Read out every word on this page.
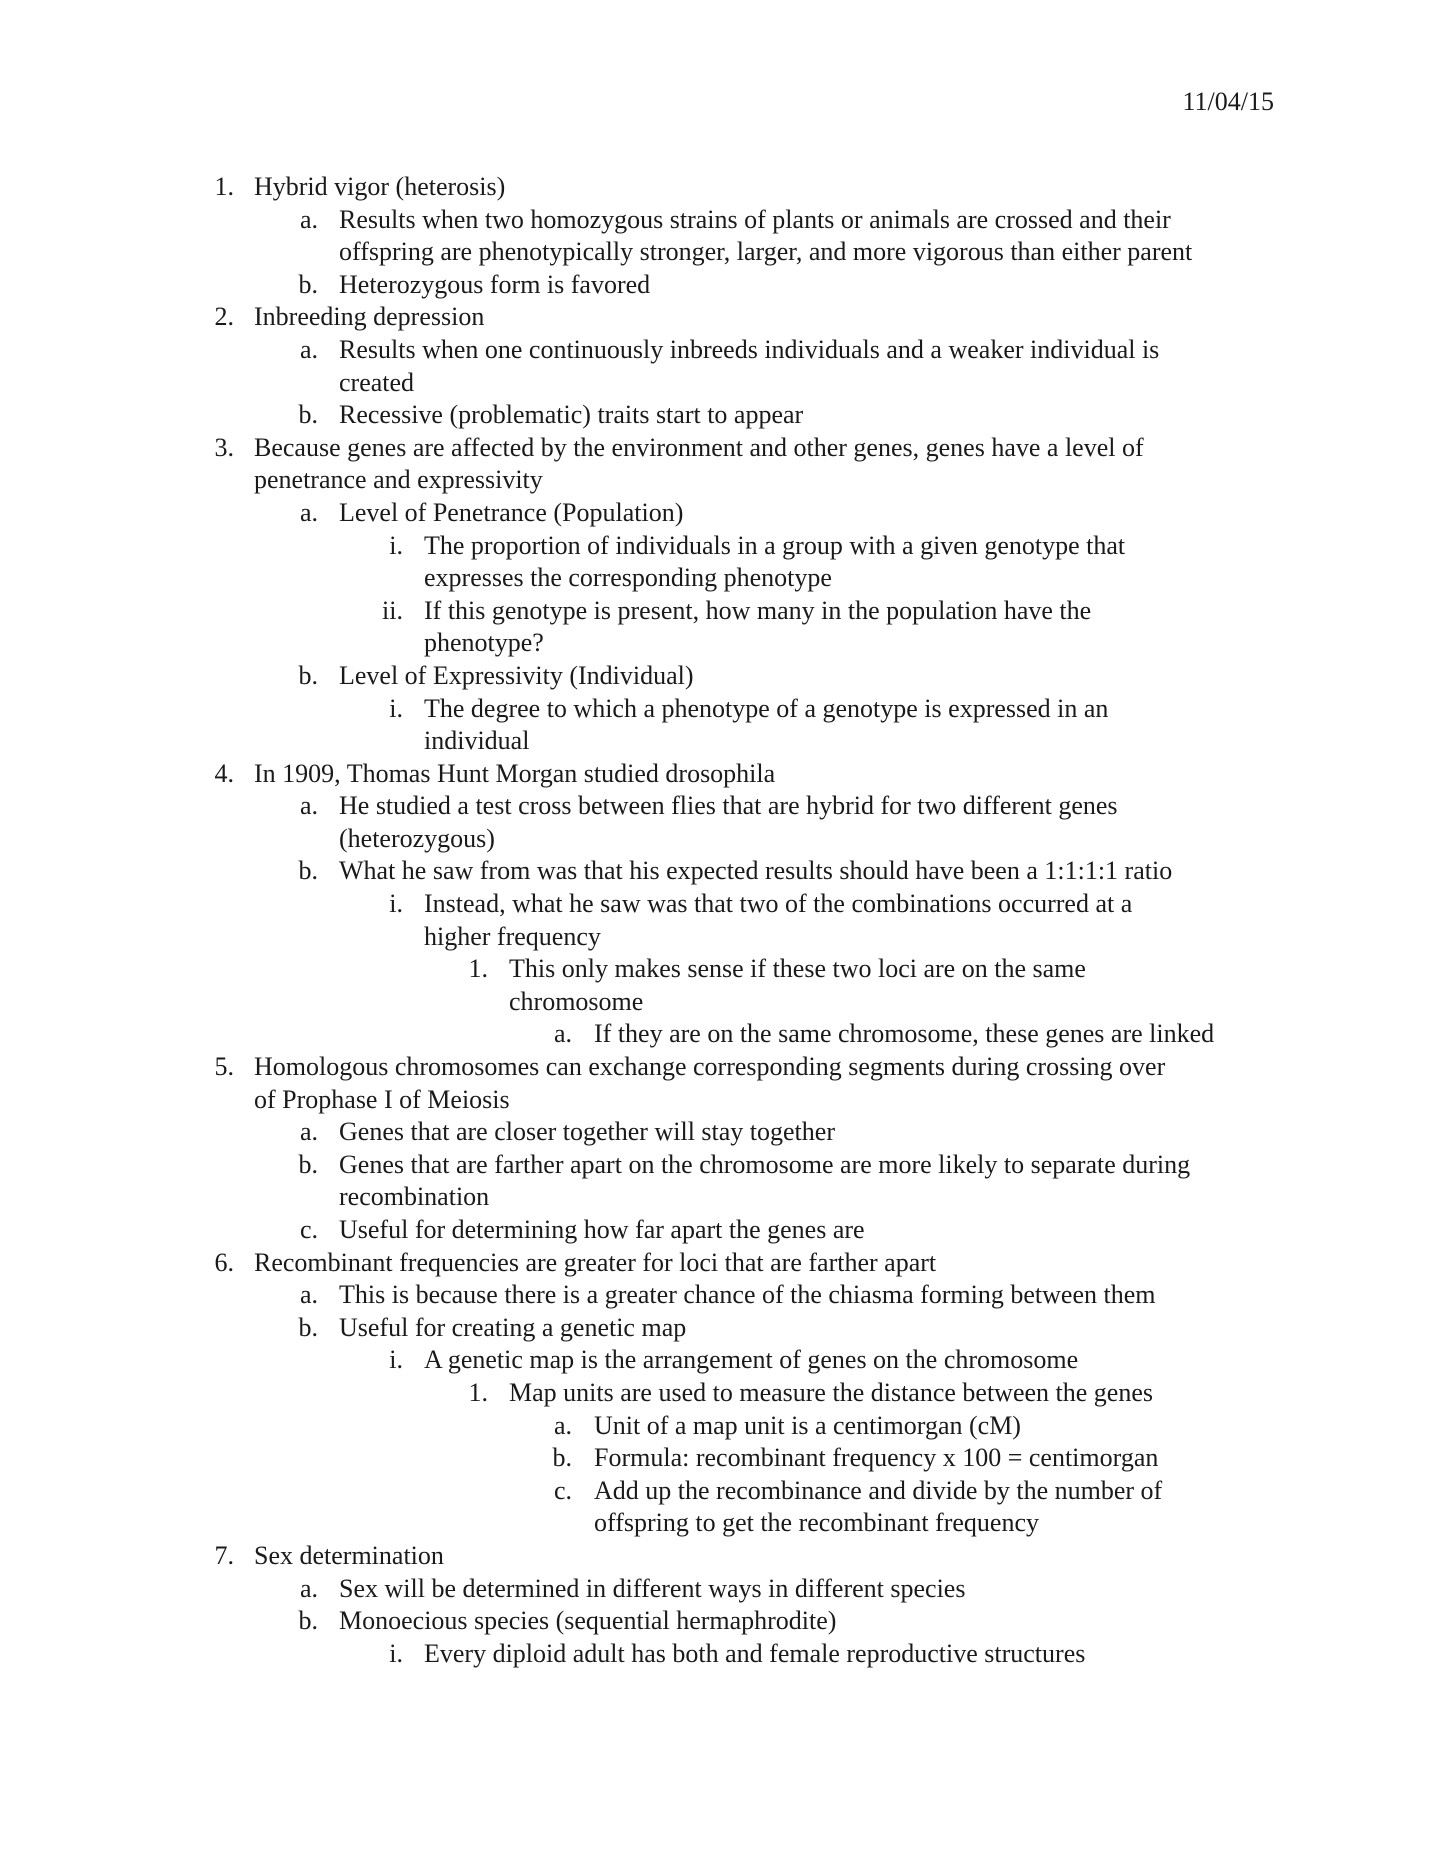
11/04/15
1. Hybrid vigor (heterosis)
a. Results when two homozygous strains of plants or animals are crossed and their
offspring are phenotypically stronger, larger, and more vigorous than either parent
b. Heterozygous form is favored
2. Inbreeding depression
a. Results when one continuously inbreeds individuals and a weaker individual is
created
b. Recessive (problematic) traits start to appear
3. Because genes are affected by the environment and other genes, genes have a level of
penetrance and expressivity
a. Level of Penetrance (Population)
i. The proportion of individuals in a group with a given genotype that
expresses the corresponding phenotype
ii. If this genotype is present, how many in the population have the
phenotype?
b. Level of Expressivity (Individual)
i. The degree to which a phenotype of a genotype is expressed in an
individual
4. In 1909, Thomas Hunt Morgan studied drosophila
a. He studied a test cross between flies that are hybrid for two different genes
(heterozygous)
b. What he saw from was that his expected results should have been a 1:1:1:1 ratio
i. Instead, what he saw was that two of the combinations occurred at a
higher frequency
1. This only makes sense if these two loci are on the same
chromosome
a. If they are on the same chromosome, these genes are linked
5. Homologous chromosomes can exchange corresponding segments during crossing over
of Prophase I of Meiosis
a. Genes that are closer together will stay together
b. Genes that are farther apart on the chromosome are more likely to separate during
recombination
c. Useful for determining how far apart the genes are
6. Recombinant frequencies are greater for loci that are farther apart
a. This is because there is a greater chance of the chiasma forming between them
b. Useful for creating a genetic map
i. A genetic map is the arrangement of genes on the chromosome
1. Map units are used to measure the distance between the genes
a. Unit of a map unit is a centimorgan (cM)
b. Formula: recombinant frequency x 100 = centimorgan
c. Add up the recombinance and divide by the number of
offspring to get the recombinant frequency
7. Sex determination
a. Sex will be determined in different ways in different species
b. Monoecious species (sequential hermaphrodite)
i. Every diploid adult has both and female reproductive structures
